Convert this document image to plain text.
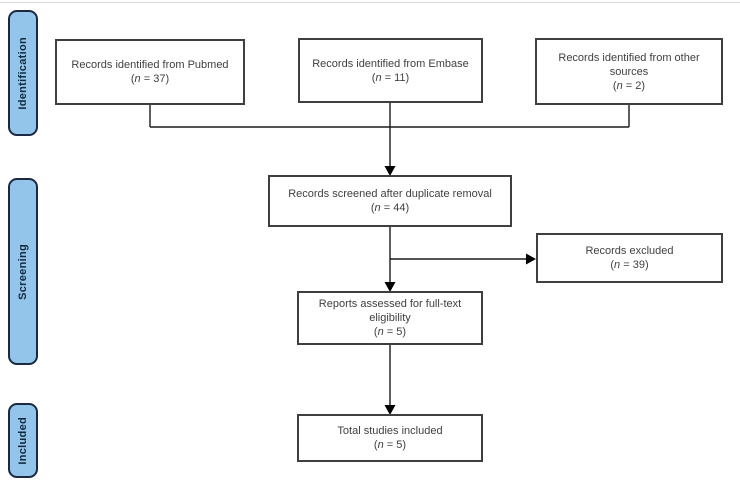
Identification
Screening
Included
Records identified from Pubmed
(n = 37)
Records identified from Embase
(n = 11)
Records identified from other
sources
(n = 2)
Records screened after duplicate removal
(n = 44)
Records excluded
(n = 39)
Reports assessed for full-text
eligibility
(n = 5)
Total studies included
(n = 5)
